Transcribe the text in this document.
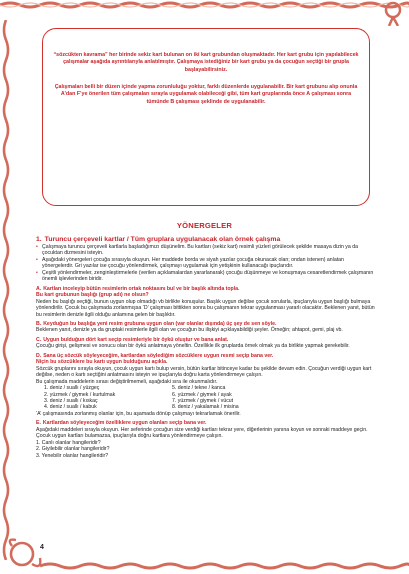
“sözcükten kavrama” her birinde sekiz kart bulunan on iki kart grubundan oluşmaktadır. Her kart grubu için yapılabilecek çalışmalar aşağıda ayrıntılarıyla anlatılmıştır. Çalışmaya istediğiniz bir kart grubu ya da çocuğun seçtiği bir grupla başlayabilirsiniz.

Çalışmaları belli bir düzen içinde yapma zorunluluğu yoktur, farklı düzenlerde uygulanabilir. Bir kart grubunu alıp onunla A’dan F’ye önerilen tüm çalışmaları sırayla uygulamak olabileceği gibi, tüm kart gruplarında önce A çalışması sonra tümünde B çalışması şeklinde de uygulanabilir.

YÖNERGELER
1. Turuncu çerçeveli kartlar / Tüm gruplara uygulanacak olan örnek çalışma
• Çalışmaya turuncu çerçeveli kartlarla başladığımızı düşünelim. Bu kartları (sekiz kart) resimli yüzleri görülecek şekilde masaya dizin ya da çocuktan dizmesini isteyin.
• Aşağıdaki yönergeleri çocuğa sırasıyla okuyun. Her maddede borda ve siyah yazılar çocuğa okunacak olan; ondan istenen) anlatan yönergelerdir. Gri yazılar ise çocuğu yönlendirmek, çalışmayı uygulamak için yetişkinin kullanacağı ipuçlarıdır.
• Çeşitli yönlendirmeler, zenginleştirmelerle (verilen açıklamalardan yararlanarak) çocuğu düşünmeye ve konuşmaya cesaretlendirmek çalışmanın önemli işlevlerinden biridir.
A. Kartları inceleyip bütün resimlerin ortak noktasını bul ve bir başlık altında topla.
Bu kart grubunun başlığı (grup adı) ne olsun?
Neden bu başlığı seçtiği, bunun uygun olup olmadığı vb birlikte konuşulur. Başlık uygun değilse çocuk sorularla, ipuçlarıyla uygun başlığı bulmaya yönlendirilir. Çocuk bu çalışmada zorlanmışsa ‘D’ çalışması bittikten sonra bu çalışmanın tekrar uygulanması yararlı olacaktır. Beklenen yanıt, bütün bu resimlerin denizle ilgili olduğu anlamına gelen bir başlıktır.
B. Keyduğun bu başlığa yeni resim grubuna uygun olan (var olanlar dışında) üç şey de sen söyle.
Beklenen yanıt, denizle ya da gruptaki resimlerle ilgili olan ve çocuğun bu ilişkiyi açıklayabildiği şeyler. Örneğin; ahtapot, gemi, plaj vb.
C. Uygun bulduğun dört kart seçip resimleriyle bir öykü oluştur ve bana anlat.
Çocuğu girişi, gelişmesi ve sonucu olan bir öykü anlatmaya yöneltin. Özellikle ilk gruplarda örnek olmak ya da birlikte yapmak gerekebilir.
D. Sana üç sözcük söyleyeceğim, kartlardan söylediğim sözcüklere uygun resmi seçip bana ver.
Niçin bu sözcüklere bu kartı uygun bulduğunu açıkla.
Sözcük gruplarını sırayla okuyun, çocuk uygun kartı bulup versin, bütün kartlar bitinceye kadar bu şekilde devam edin. Çocuğun verdiği uygun kart değilse, neden o kartı seçtiğini anlatmasını isteyin ve ipuçlarıyla doğru karta yönlendirmeye çalışın.
Bu çalışmada maddelerin sırası değiştirilmemeli, aşağıdaki sıra ile okunmalıdır.
1. deniz / suallı / yüzgeç	5. deniz / tekne / kanca
2. yüzmek / giymek / kurtulmak	6. yüzmek / giymek / ayak
3. deniz / suallı / kıskaç	7. yüzmek / giymek / vücut
4. deniz / suallı / kabuk	8. deniz / yakalamak / misina
‘A’ çalışmasında zorlanmış olanlar için, bu aşamada dönüp çalışmayı tekrarlamak önerilir.
E. Kartlardan söyleyeceğim özelliklere uygun olanları seçip bana ver.
Aşağıdaki maddeleri sırayla okuyun. Her seferinde çocuğun size verdiği kartları tekrar yere, diğerlerinin yanına koyun ve sonraki maddeye geçin. Çocuk uygun kartları bulamazsa, ipuçlarıyla doğru kartlara yönlendirmeye çalışın.
1. Canlı olanlar hangileridir?
2. Giyilebilir olanlar hangileridir?
3. Yenebilir olanlar hangileridir?
4
